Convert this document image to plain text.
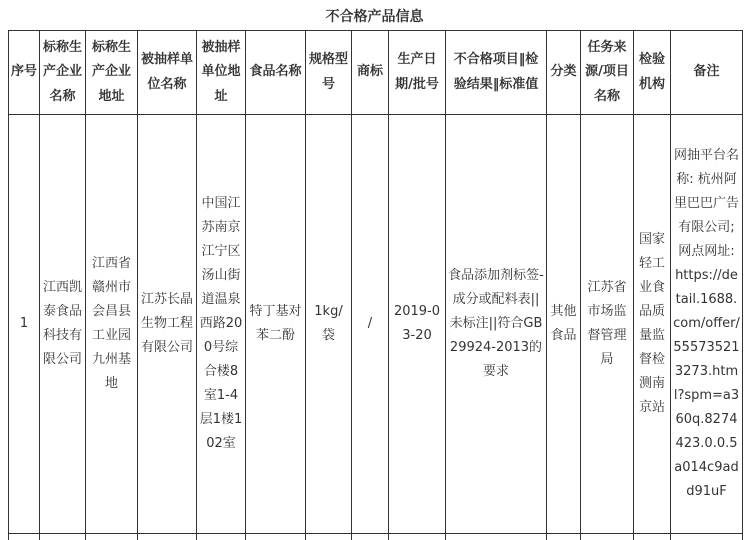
不合格产品信息
序号	标称生产企业名称	标称生产企业地址	被抽样单位名称	被抽样单位地址	食品名称	规格型号	商标	生产日期/批号	不合格项目‖检验结果‖标准值	分类	任务来源/项目名称	检验机构	备注
1	江西凯泰食品科技有限公司	江西省赣州市会昌县工业园九州基地	江苏长晶生物工程有限公司	中国江苏南京江宁区汤山街道温泉西路200号综合楼8室1-4层1楼102室	特丁基对苯二酚	1kg/袋	/	2019-03-20	食品添加剂标签-成分或配料表||未标注||符合GB29924-2013的要求	其他食品	江苏省市场监督管理局	国家轻工业食品质量监督检测南京站	网抽平台名称: 杭州阿里巴巴广告有限公司; 网点网址: https://detail.1688.com/offer/555735213273.html?spm=a360q.8274423.0.0.5a014c9add91uF
